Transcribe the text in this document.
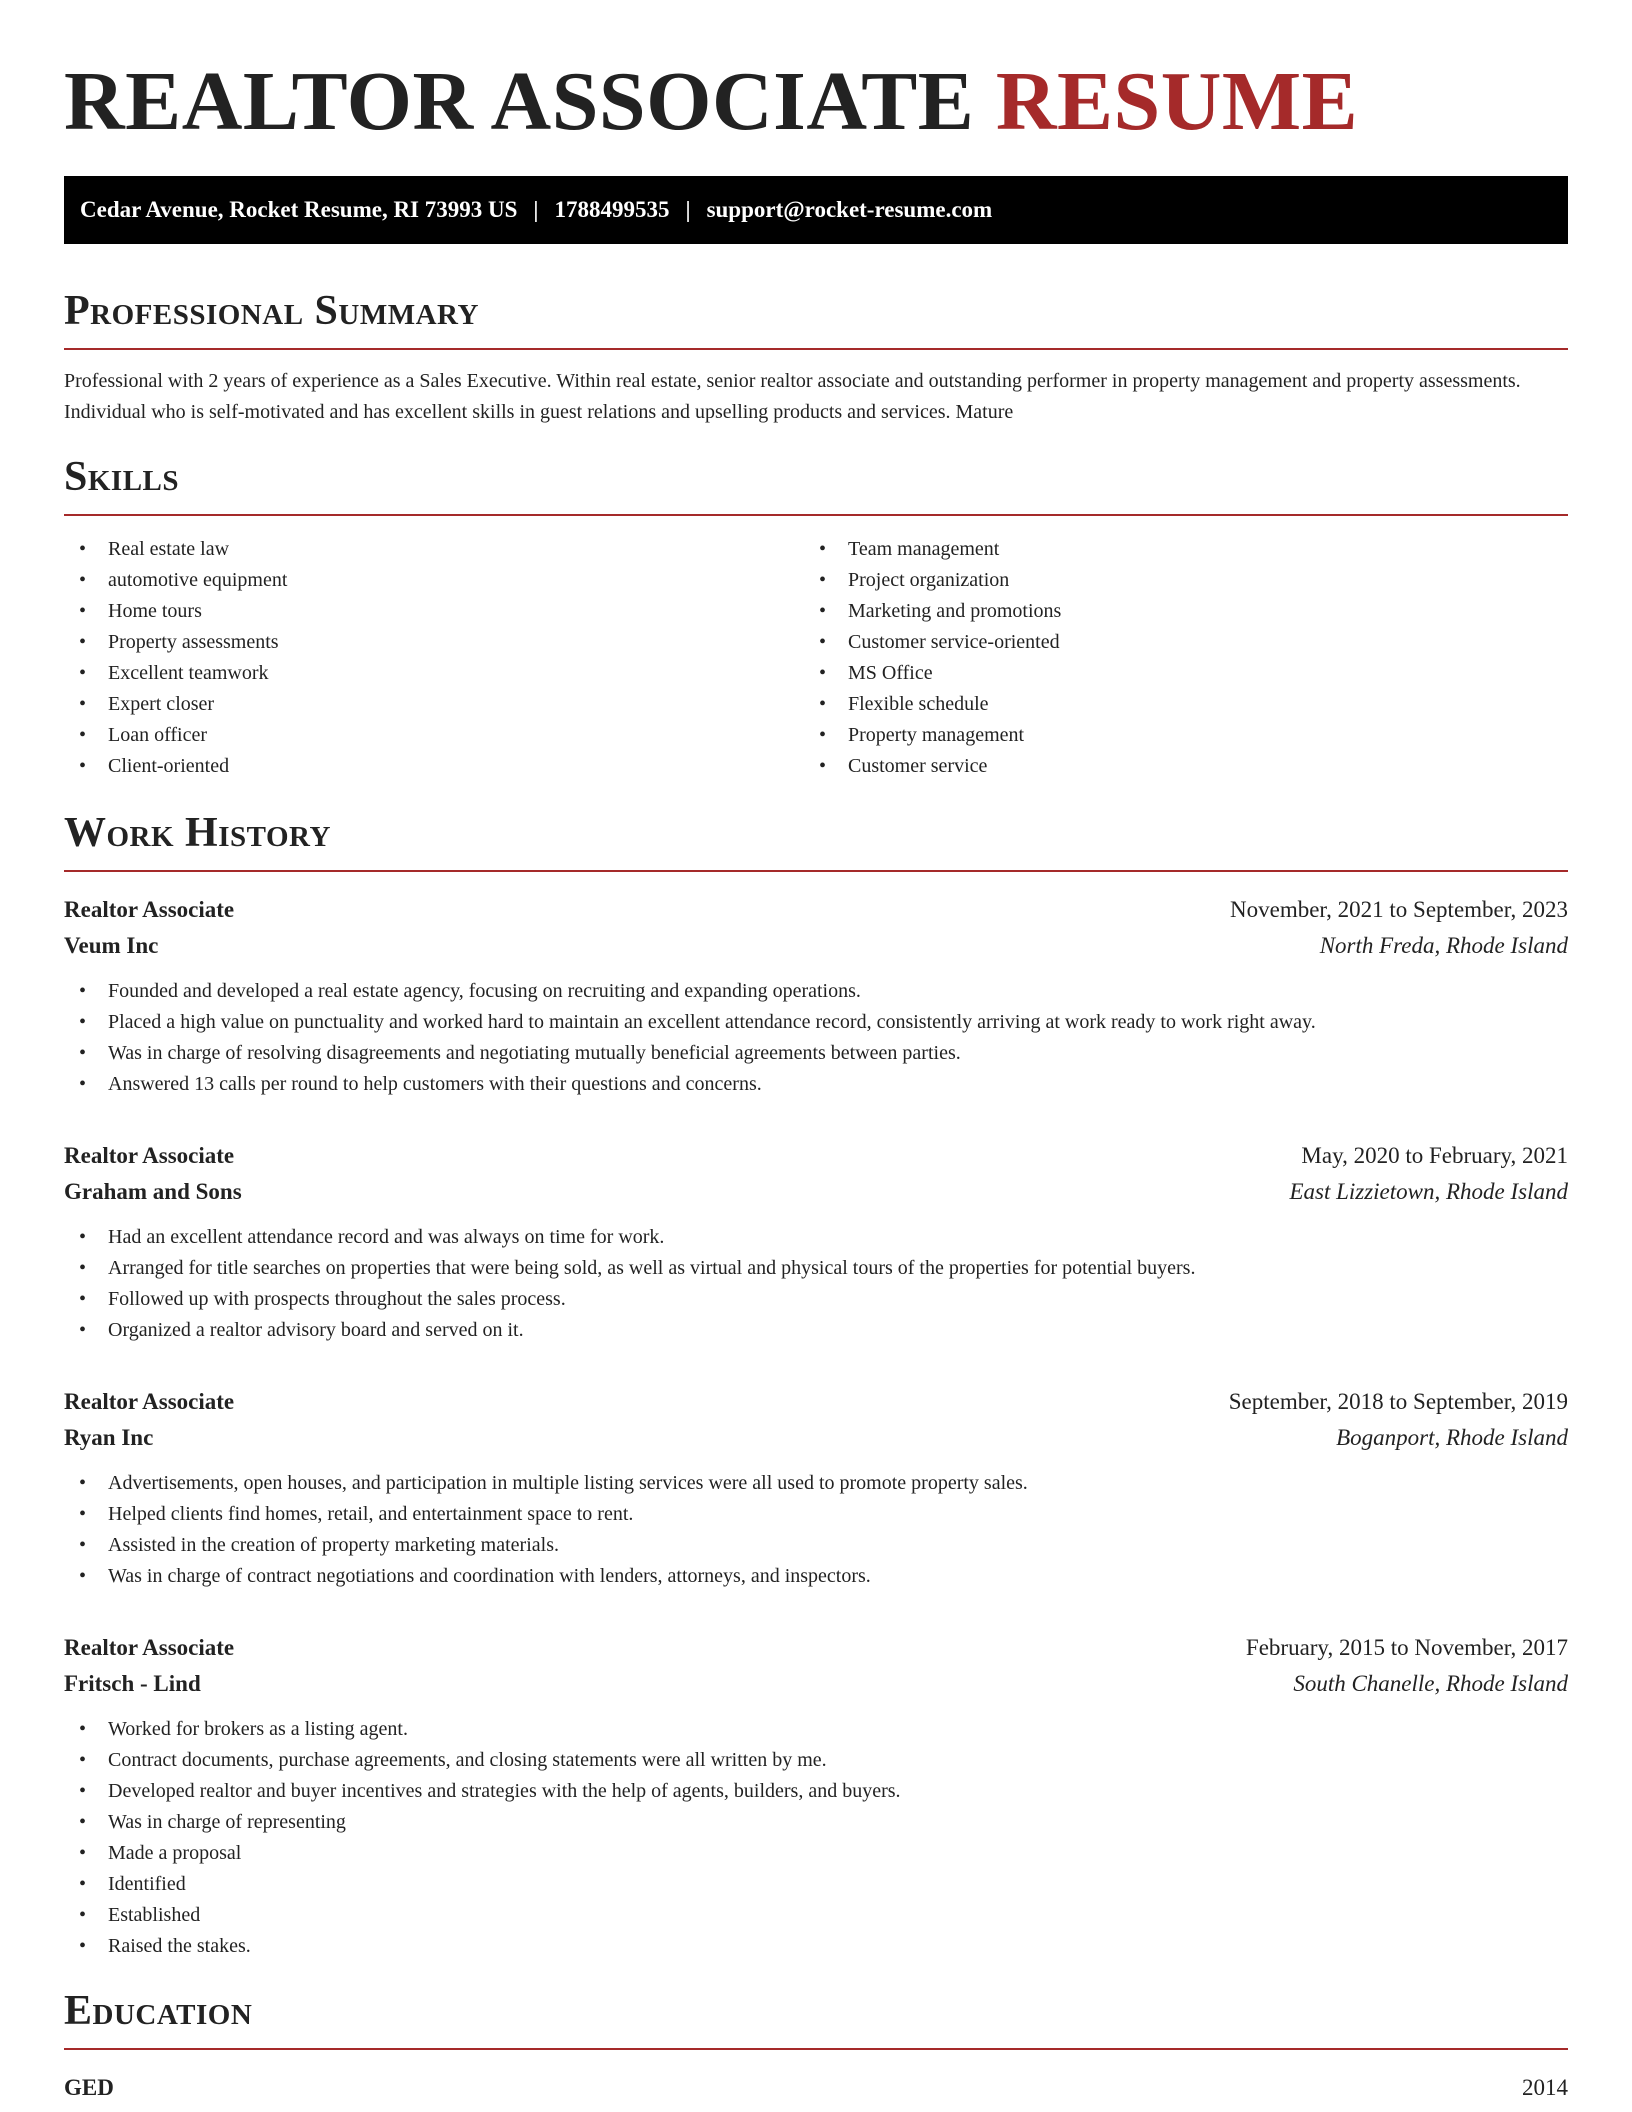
REALTOR ASSOCIATE RESUME
Cedar Avenue, Rocket Resume, RI 73993 US | 1788499535 | support@rocket-resume.com
Professional Summary

Professional with 2 years of experience as a Sales Executive. Within real estate, senior realtor associate and outstanding performer in property management and property assessments. Individual who is self-motivated and has excellent skills in guest relations and upselling products and services. Mature

Skills
• Real estate law
• automotive equipment
• Home tours
• Property assessments
• Excellent teamwork
• Expert closer
• Loan officer
• Client-oriented
• Team management
• Project organization
• Marketing and promotions
• Customer service-oriented
• MS Office
• Flexible schedule
• Property management
• Customer service
Work History
Realtor Associate	November, 2021 to September, 2023
Veum Inc	North Freda, Rhode Island
• Founded and developed a real estate agency, focusing on recruiting and expanding operations.
• Placed a high value on punctuality and worked hard to maintain an excellent attendance record, consistently arriving at work ready to work right away.
• Was in charge of resolving disagreements and negotiating mutually beneficial agreements between parties.
• Answered 13 calls per round to help customers with their questions and concerns.
Realtor Associate	May, 2020 to February, 2021
Graham and Sons	East Lizzietown, Rhode Island
• Had an excellent attendance record and was always on time for work.
• Arranged for title searches on properties that were being sold, as well as virtual and physical tours of the properties for potential buyers.
• Followed up with prospects throughout the sales process.
• Organized a realtor advisory board and served on it.
Realtor Associate	September, 2018 to September, 2019
Ryan Inc	Boganport, Rhode Island
• Advertisements, open houses, and participation in multiple listing services were all used to promote property sales.
• Helped clients find homes, retail, and entertainment space to rent.
• Assisted in the creation of property marketing materials.
• Was in charge of contract negotiations and coordination with lenders, attorneys, and inspectors.
Realtor Associate	February, 2015 to November, 2017
Fritsch - Lind	South Chanelle, Rhode Island
• Worked for brokers as a listing agent.
• Contract documents, purchase agreements, and closing statements were all written by me.
• Developed realtor and buyer incentives and strategies with the help of agents, builders, and buyers.
• Was in charge of representing
• Made a proposal
• Identified
• Established
• Raised the stakes.
Education
GED	2014
